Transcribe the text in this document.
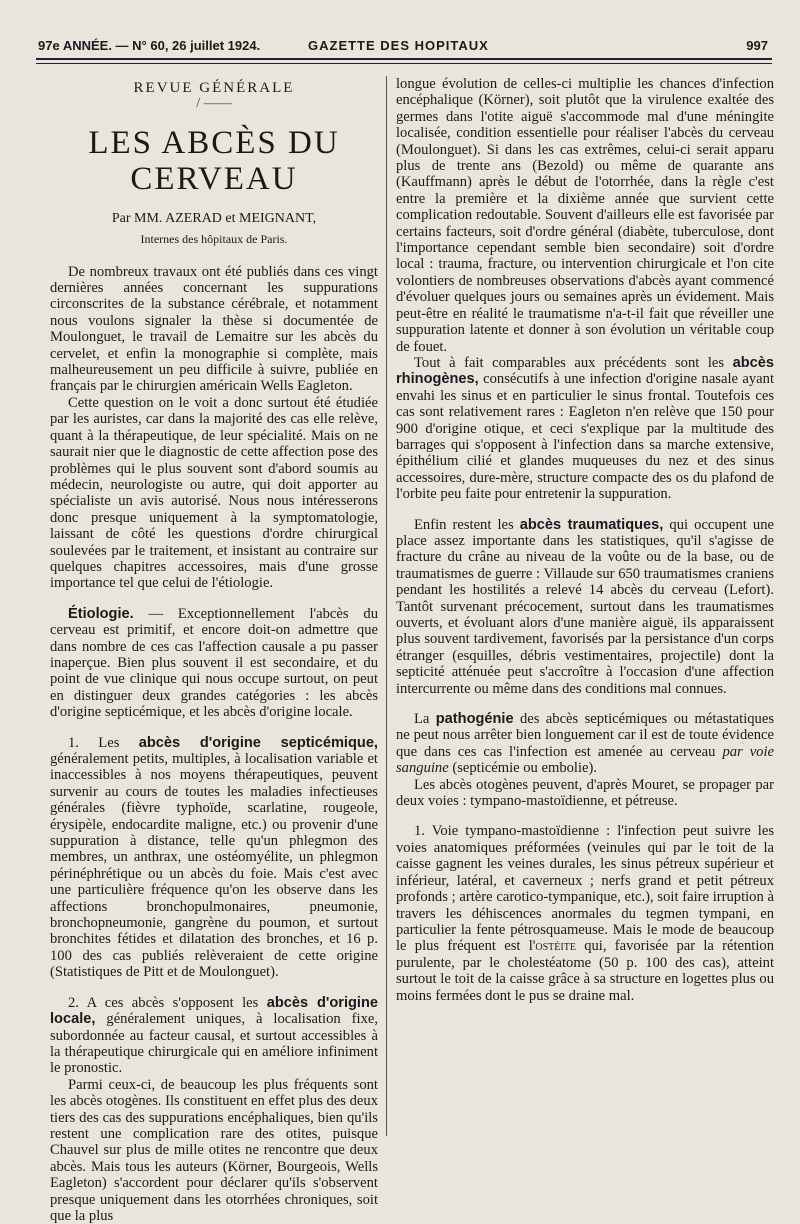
97e ANNÉE. — N° 60, 26 juillet 1924.	GAZETTE DES HOPITAUX	997
REVUE GÉNÉRALE
/ ——
LES ABCÈS DU CERVEAU
Par MM. AZERAD et MEIGNANT,
Internes des hôpitaux de Paris.

De nombreux travaux ont été publiés dans ces vingt dernières années concernant les suppurations circonscrites de la substance cérébrale, et notamment nous voulons signaler la thèse si documentée de Moulonguet, le travail de Lemaitre sur les abcès du cervelet, et enfin la monographie si complète, mais malheureusement un peu difficile à suivre, publiée en français par le chirurgien américain Wells Eagleton.

Cette question on le voit a donc surtout été étudiée par les auristes, car dans la majorité des cas elle relève, quant à la thérapeutique, de leur spécialité. Mais on ne saurait nier que le diagnostic de cette affection pose des problèmes qui le plus souvent sont d'abord soumis au médecin, neurologiste ou autre, qui doit apporter au spécialiste un avis autorisé. Nous nous intéresserons donc presque uniquement à la symptomatologie, laissant de côté les questions d'ordre chirurgical soulevées par le traitement, et insistant au contraire sur quelques chapitres accessoires, mais d'une grosse importance tel que celui de l'étiologie.

Étiologie. — Exceptionnellement l'abcès du cerveau est primitif, et encore doit-on admettre que dans nombre de ces cas l'affection causale a pu passer inaperçue. Bien plus souvent il est secondaire, et du point de vue clinique qui nous occupe surtout, on peut en distinguer deux grandes catégories : les abcès d'origine septicémique, et les abcès d'origine locale.

1. Les abcès d'origine septicémique, généralement petits, multiples, à localisation variable et inaccessibles à nos moyens thérapeutiques, peuvent survenir au cours de toutes les maladies infectieuses générales (fièvre typhoïde, scarlatine, rougeole, érysipèle, endocardite maligne, etc.) ou provenir d'une suppuration à distance, telle qu'un phlegmon des membres, un anthrax, une ostéomyélite, un phlegmon périnéphrétique ou un abcès du foie. Mais c'est avec une particulière fréquence qu'on les observe dans les affections bronchopulmonaires, pneumonie, bronchopneumonie, gangrène du poumon, et surtout bronchites fétides et dilatation des bronches, et 16 p. 100 des cas publiés relèveraient de cette origine (Statistiques de Pitt et de Moulonguet).

2. A ces abcès s'opposent les abcès d'origine locale, généralement uniques, à localisation fixe, subordonnée au facteur causal, et surtout accessibles à la thérapeutique chirurgicale qui en améliore infiniment le pronostic.

Parmi ceux-ci, de beaucoup les plus fréquents sont les abcès otogènes. Ils constituent en effet plus des deux tiers des cas des suppurations encéphaliques, bien qu'ils restent une complication rare des otites, puisque Chauvel sur plus de mille otites ne rencontre que deux abcès. Mais tous les auteurs (Körner, Bourgeois, Wells Eagleton) s'accordent pour déclarer qu'ils s'observent presque uniquement dans les otorrhées chroniques, soit que la plus

longue évolution de celles-ci multiplie les chances d'infection encéphalique (Körner), soit plutôt que la virulence exaltée des germes dans l'otite aiguë s'accommode mal d'une méningite localisée, condition essentielle pour réaliser l'abcès du cerveau (Moulonguet). Si dans les cas extrêmes, celui-ci serait apparu plus de trente ans (Bezold) ou même de quarante ans (Kauffmann) après le début de l'otorrhée, dans la règle c'est entre la première et la dixième année que survient cette complication redoutable. Souvent d'ailleurs elle est favorisée par certains facteurs, soit d'ordre général (diabète, tuberculose, dont l'importance cependant semble bien secondaire) soit d'ordre local : trauma, fracture, ou intervention chirurgicale et l'on cite volontiers de nombreuses observations d'abcès ayant commencé d'évoluer quelques jours ou semaines après un évidement. Mais peut-être en réalité le traumatisme n'a-t-il fait que réveiller une suppuration latente et donner à son évolution un véritable coup de fouet.

Tout à fait comparables aux précédents sont les abcès rhinogènes, consécutifs à une infection d'origine nasale ayant envahi les sinus et en particulier le sinus frontal. Toutefois ces cas sont relativement rares : Eagleton n'en relève que 150 pour 900 d'origine otique, et ceci s'explique par la multitude des barrages qui s'opposent à l'infection dans sa marche extensive, épithélium cilié et glandes muqueuses du nez et des sinus accessoires, dure-mère, structure compacte des os du plafond de l'orbite peu faite pour entretenir la suppuration.

Enfin restent les abcès traumatiques, qui occupent une place assez importante dans les statistiques, qu'il s'agisse de fracture du crâne au niveau de la voûte ou de la base, ou de traumatismes de guerre : Villaude sur 650 traumatismes craniens pendant les hostilités a relevé 14 abcès du cerveau (Lefort). Tantôt survenant précocement, surtout dans les traumatismes ouverts, et évoluant alors d'une manière aiguë, ils apparaissent plus souvent tardivement, favorisés par la persistance d'un corps étranger (esquilles, débris vestimentaires, projectile) dont la septicité atténuée peut s'accroître à l'occasion d'une affection intercurrente ou même dans des conditions mal connues.

La pathogénie des abcès septicémiques ou métastatiques ne peut nous arrêter bien longuement car il est de toute évidence que dans ces cas l'infection est amenée au cerveau par voie sanguine (septicémie ou embolie).

Les abcès otogènes peuvent, d'après Mouret, se propager par deux voies : tympano-mastoïdienne, et pétreuse.

1. Voie tympano-mastoïdienne : l'infection peut suivre les voies anatomiques préformées (veinules qui par le toit de la caisse gagnent les veines durales, les sinus pétreux supérieur et inférieur, latéral, et caverneux ; nerfs grand et petit pétreux profonds ; artère carotico-tympanique, etc.), soit faire irruption à travers les déhiscences anormales du tegmen tympani, en particulier la fente pétrosquameuse. Mais le mode de beaucoup le plus fréquent est l'ostéite qui, favorisée par la rétention purulente, par le cholestéatome (50 p. 100 des cas), atteint surtout le toit de la caisse grâce à sa structure en logettes plus ou moins fermées dont le pus se draine mal.
